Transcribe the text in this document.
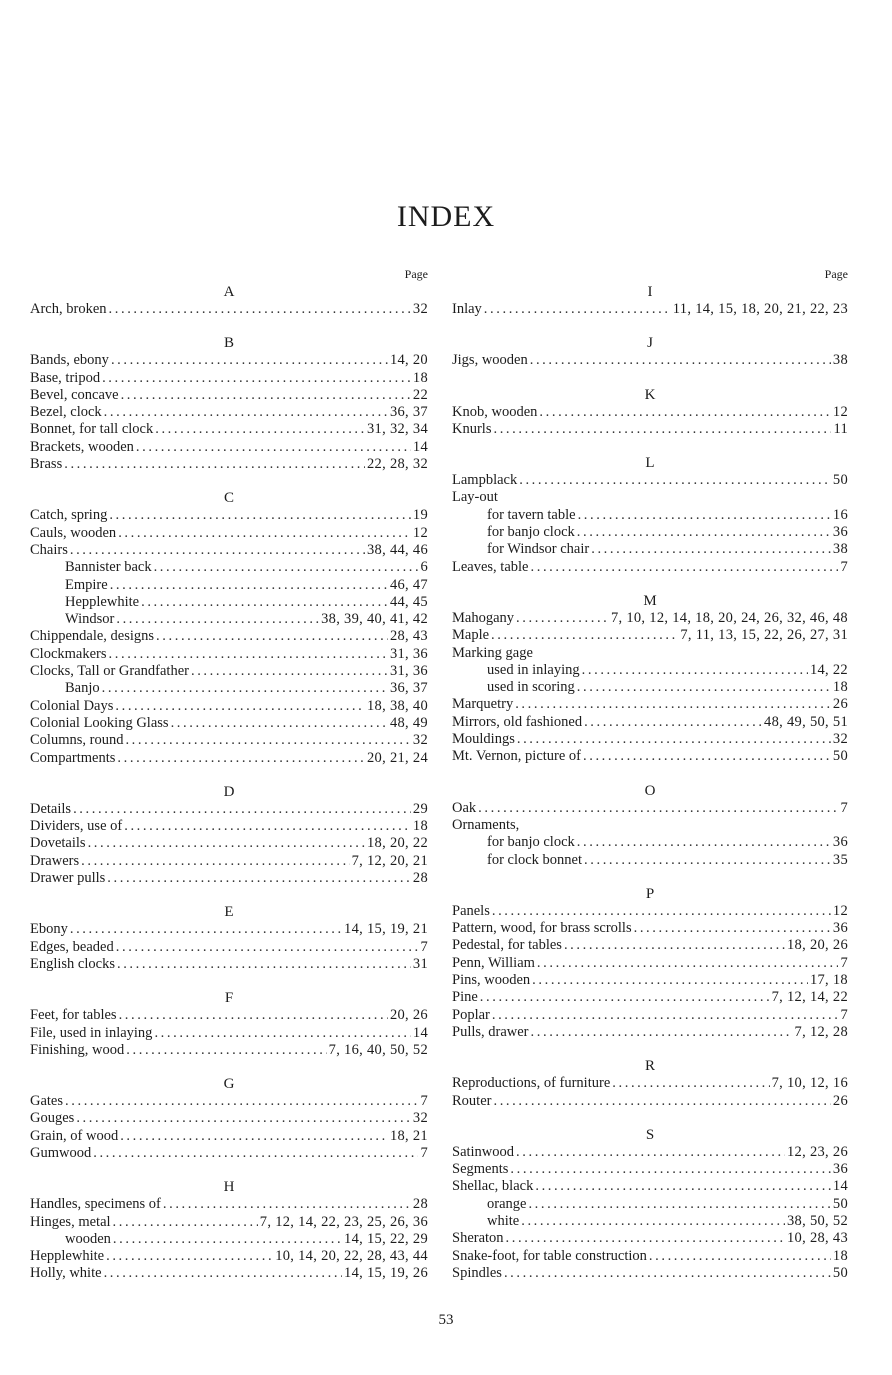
INDEX
Page
A
Arch, broken .....	32
B
Bands, ebony .....	14, 20
Base, tripod .....	18
Bevel, concave .....	22
Bezel, clock .....	36, 37
Bonnet, for tall clock .....	31, 32, 34
Brackets, wooden .....	14
Brass .....	22, 28, 32
C
Catch, spring .....	19
Cauls, wooden .....	12
Chairs .....	38, 44, 46
Bannister back .....	6
Empire .....	46, 47
Hepplewhite .....	44, 45
Windsor .....	38, 39, 40, 41, 42
Chippendale, designs .....	28, 43
Clockmakers .....	31, 36
Clocks, Tall or Grandfather .....	31, 36
Banjo .....	36, 37
Colonial Days .....	18, 38, 40
Colonial Looking Glass .....	48, 49
Columns, round .....	32
Compartments .....	20, 21, 24
D
Details .....	29
Dividers, use of .....	18
Dovetails .....	18, 20, 22
Drawers .....	7, 12, 20, 21
Drawer pulls .....	28
E
Ebony .....	14, 15, 19, 21
Edges, beaded .....	7
English clocks .....	31
F
Feet, for tables .....	20, 26
File, used in inlaying .....	14
Finishing, wood .....	7, 16, 40, 50, 52
G
Gates .....	7
Gouges .....	32
Grain, of wood .....	18, 21
Gumwood .....	7
H
Handles, specimens of .....	28
Hinges, metal .....	7, 12, 14, 22, 23, 25, 26, 36
wooden .....	14, 15, 22, 29
Hepplewhite .....	10, 14, 20, 22, 28, 43, 44
Holly, white .....	14, 15, 19, 26
Page
I
Inlay .....	11, 14, 15, 18, 20, 21, 22, 23
J
Jigs, wooden .....	38
K
Knob, wooden .....	12
Knurls .....	11
L
Lampblack .....	50
Lay-out
for tavern table .....	16
for banjo clock .....	36
for Windsor chair .....	38
Leaves, table .....	7
M
Mahogany .....	7, 10, 12, 14, 18, 20, 24, 26, 32, 46, 48
Maple .....	7, 11, 13, 15, 22, 26, 27, 31
Marking gage
used in inlaying .....	14, 22
used in scoring .....	18
Marquetry .....	26
Mirrors, old fashioned .....	48, 49, 50, 51
Mouldings .....	32
Mt. Vernon, picture of .....	50
O
Oak .....	7
Ornaments,
for banjo clock .....	36
for clock bonnet .....	35
P
Panels .....	12
Pattern, wood, for brass scrolls .....	36
Pedestal, for tables .....	18, 20, 26
Penn, William .....	7
Pins, wooden .....	17, 18
Pine .....	7, 12, 14, 22
Poplar .....	7
Pulls, drawer .....	7, 12, 28
R
Reproductions, of furniture .....	7, 10, 12, 16
Router .....	26
S
Satinwood .....	12, 23, 26
Segments .....	36
Shellac, black .....	14
orange .....	50
white .....	38, 50, 52
Sheraton .....	10, 28, 43
Snake-foot, for table construction .....	18
Spindles .....	50
53
